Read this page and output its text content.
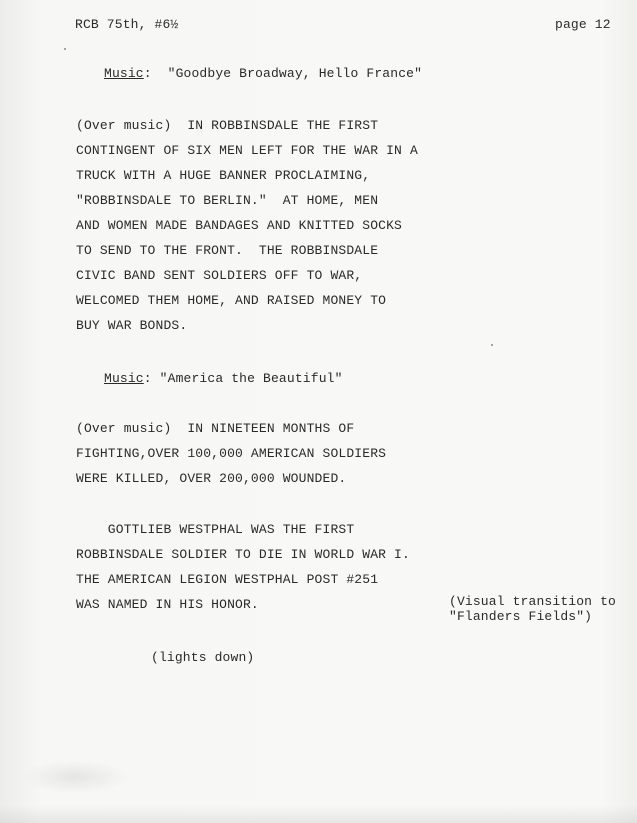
RCB 75th, #6½	page 12
Music:  "Goodbye Broadway, Hello France"
(Over music)  IN ROBBINSDALE THE FIRST
CONTINGENT OF SIX MEN LEFT FOR THE WAR IN A
TRUCK WITH A HUGE BANNER PROCLAIMING,
"ROBBINSDALE TO BERLIN."  AT HOME, MEN
AND WOMEN MADE BANDAGES AND KNITTED SOCKS
TO SEND TO THE FRONT.  THE ROBBINSDALE
CIVIC BAND SENT SOLDIERS OFF TO WAR,
WELCOMED THEM HOME, AND RAISED MONEY TO
BUY WAR BONDS.
Music: "America the Beautiful"
(Over music)  IN NINETEEN MONTHS OF
FIGHTING,OVER 100,000 AMERICAN SOLDIERS
WERE KILLED, OVER 200,000 WOUNDED.
GOTTLIEB WESTPHAL WAS THE FIRST
ROBBINSDALE SOLDIER TO DIE IN WORLD WAR I.
THE AMERICAN LEGION WESTPHAL POST #251
WAS NAMED IN HIS HONOR.	(Visual transition to
"Flanders Fields")
(lights down)
